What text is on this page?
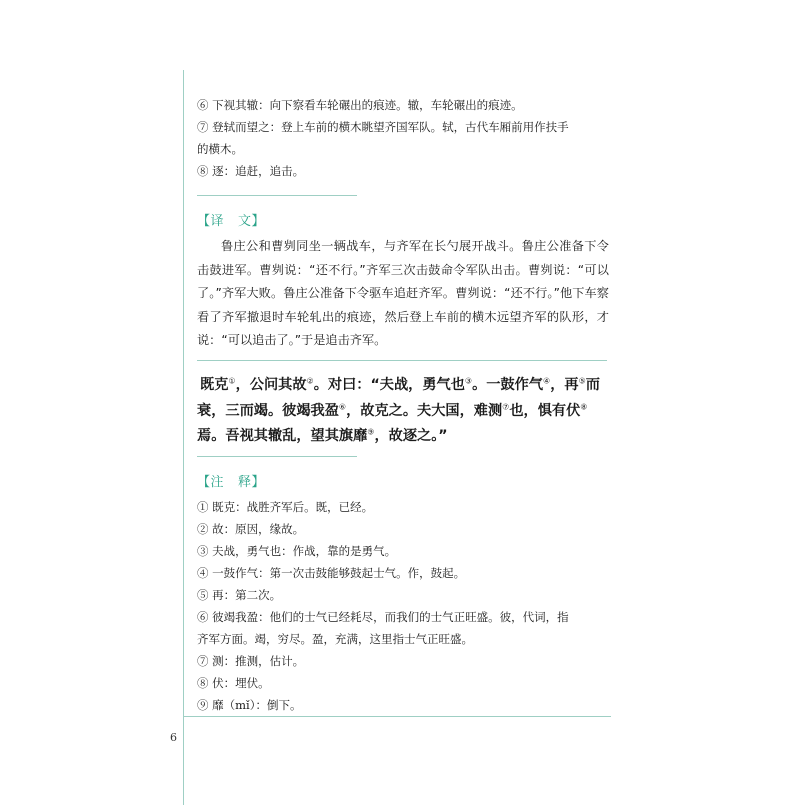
⑥ 下视其辙：向下察看车轮碾出的痕迹。辙，车轮碾出的痕迹。

⑦ 登轼而望之：登上车前的横木眺望齐国军队。轼，古代车厢前用作扶手
的横木。

⑧ 逐：追赶，追击。

【译 文】

鲁庄公和曹刿同坐一辆战车，与齐军在长勺展开战斗。鲁庄公准备下令击鼓进军。曹刿说：“还不行。”齐军三次击鼓命令军队出击。曹刿说：“可以了。”齐军大败。鲁庄公准备下令驱车追赶齐军。曹刿说：“还不行。”他下车察看了齐军撤退时车轮轧出的痕迹，然后登上车前的横木远望齐军的队形，才说：“可以追击了。”于是追击齐军。

既克①，公问其故②。对曰：“夫战，勇气也③。一鼓作气④，再⑤而衰，三而竭。彼竭我盈⑥，故克之。夫大国，难测⑦也，惧有伏⑧焉。吾视其辙乱，望其旗靡⑨，故逐之。”

【注 释】

① 既克：战胜齐军后。既，已经。

② 故：原因，缘故。

③ 夫战，勇气也：作战，靠的是勇气。

④ 一鼓作气：第一次击鼓能够鼓起士气。作，鼓起。

⑤ 再：第二次。

⑥ 彼竭我盈：他们的士气已经耗尽，而我们的士气正旺盛。彼，代词，指
齐军方面。竭，穷尽。盈，充满，这里指士气正旺盛。

⑦ 测：推测，估计。

⑧ 伏：埋伏。

⑨ 靡（mǐ）：倒下。

6
